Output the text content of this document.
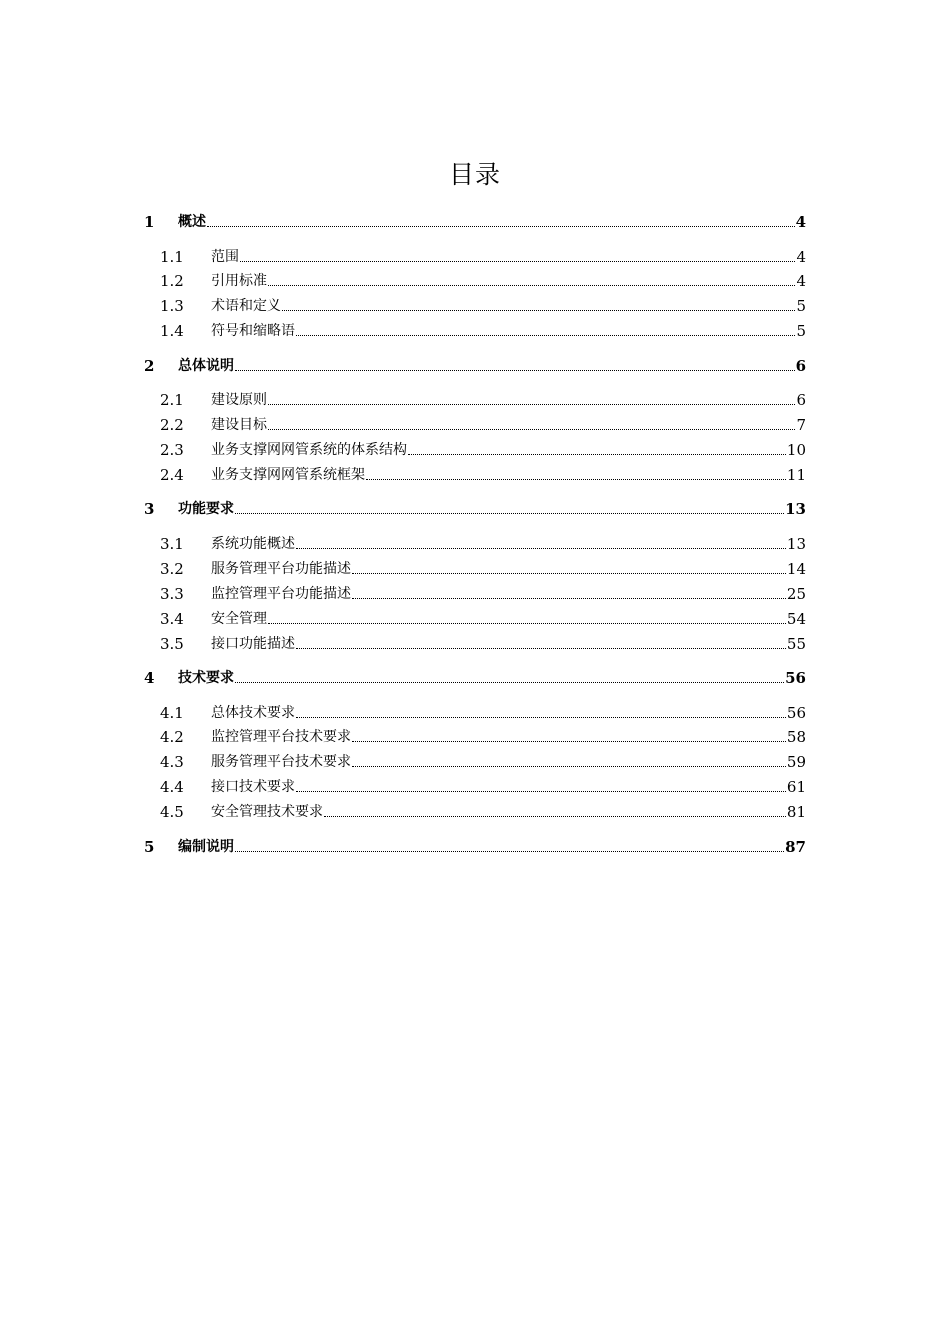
目录
1	概述	4
1.1	范围	4
1.2	引用标准	4
1.3	术语和定义	5
1.4	符号和缩略语	5
2	总体说明	6
2.1	建设原则	6
2.2	建设目标	7
2.3	业务支撑网网管系统的体系结构	10
2.4	业务支撑网网管系统框架	11
3	功能要求	13
3.1	系统功能概述	13
3.2	服务管理平台功能描述	14
3.3	监控管理平台功能描述	25
3.4	安全管理	54
3.5	接口功能描述	55
4	技术要求	56
4.1	总体技术要求	56
4.2	监控管理平台技术要求	58
4.3	服务管理平台技术要求	59
4.4	接口技术要求	61
4.5	安全管理技术要求	81
5	编制说明	87
